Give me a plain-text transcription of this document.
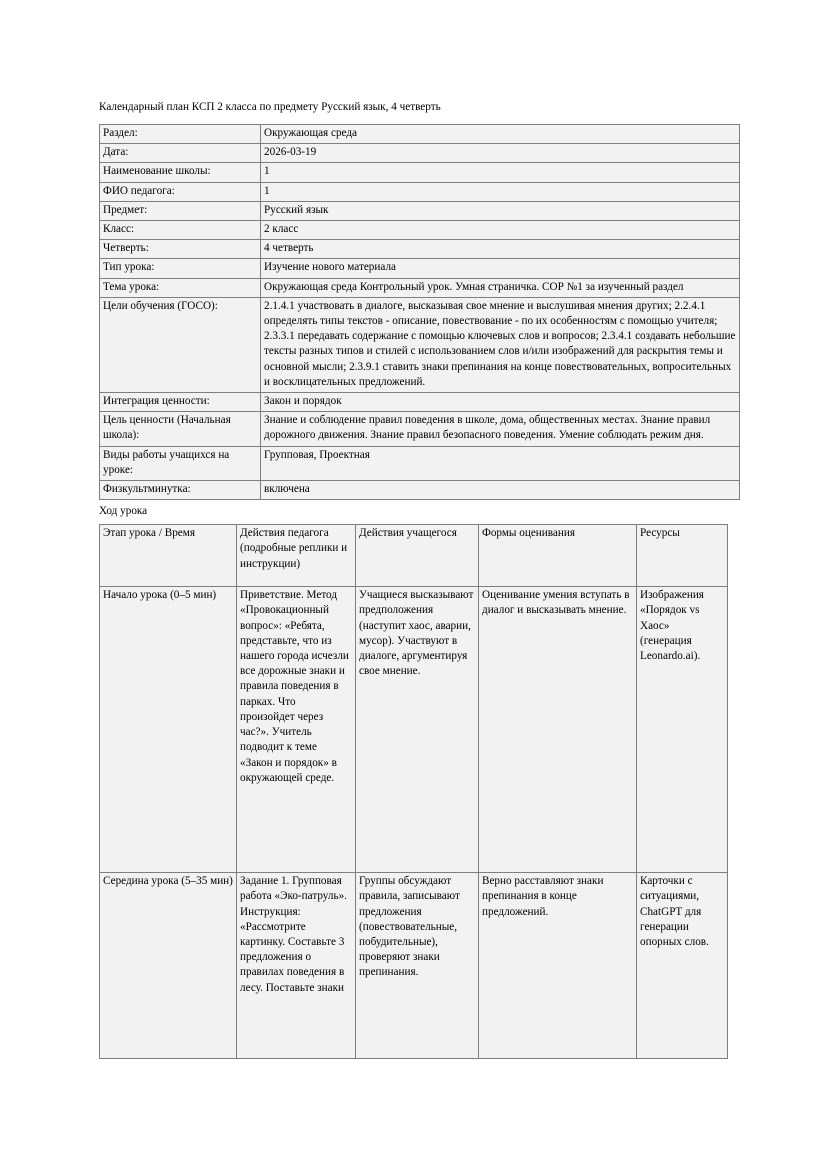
Календарный план КСП 2 класса по предмету Русский язык, 4 четверть
Раздел:	Окружающая среда
Дата:	2026-03-19
Наименование школы:	1
ФИО педагога:	1
Предмет:	Русский язык
Класс:	2 класс
Четверть:	4 четверть
Тип урока:	Изучение нового материала
Тема урока:	Окружающая среда Контрольный урок. Умная страничка. СОР №1 за изученный раздел
Цели обучения (ГОСО):	2.1.4.1 участвовать в диалоге, высказывая свое мнение и выслушивая мнения других; 2.2.4.1 определять типы текстов - описание, повествование - по их особенностям с помощью учителя; 2.3.3.1 передавать содержание с помощью ключевых слов и вопросов; 2.3.4.1 создавать небольшие тексты разных типов и стилей с использованием слов и/или изображений для раскрытия темы и основной мысли; 2.3.9.1 ставить знаки препинания на конце повествовательных, вопросительных и восклицательных предложений.
Интеграция ценности:	Закон и порядок
Цель ценности (Начальная школа):	Знание и соблюдение правил поведения в школе, дома, общественных местах. Знание правил дорожного движения. Знание правил безопасного поведения. Умение соблюдать режим дня.
Виды работы учащихся на уроке:	Групповая, Проектная
Физкультминутка:	включена
Ход урока
Этап урока / Время	Действия педагога (подробные реплики и инструкции)	Действия учащегося	Формы оценивания	Ресурсы
Начало урока (0–5 мин)	Приветствие. Метод «Провокационный вопрос»: «Ребята, представьте, что из нашего города исчезли все дорожные знаки и правила поведения в парках. Что произойдет через час?». Учитель подводит к теме «Закон и порядок» в окружающей среде.	Учащиеся высказывают предположения (наступит хаос, аварии, мусор). Участвуют в диалоге, аргументируя свое мнение.	Оценивание умения вступать в диалог и высказывать мнение.	Изображения «Порядок vs Хаос» (генерация Leonardo.ai).
Середина урока (5–35 мин)	Задание 1. Групповая работа «Эко-патруль». Инструкция: «Рассмотрите картинку. Составьте 3 предложения о правилах поведения в лесу. Поставьте знаки	Группы обсуждают правила, записывают предложения (повествовательные, побудительные), проверяют знаки препинания.	Верно расставляют знаки препинания в конце предложений.	Карточки с ситуациями, ChatGPT для генерации опорных слов.
